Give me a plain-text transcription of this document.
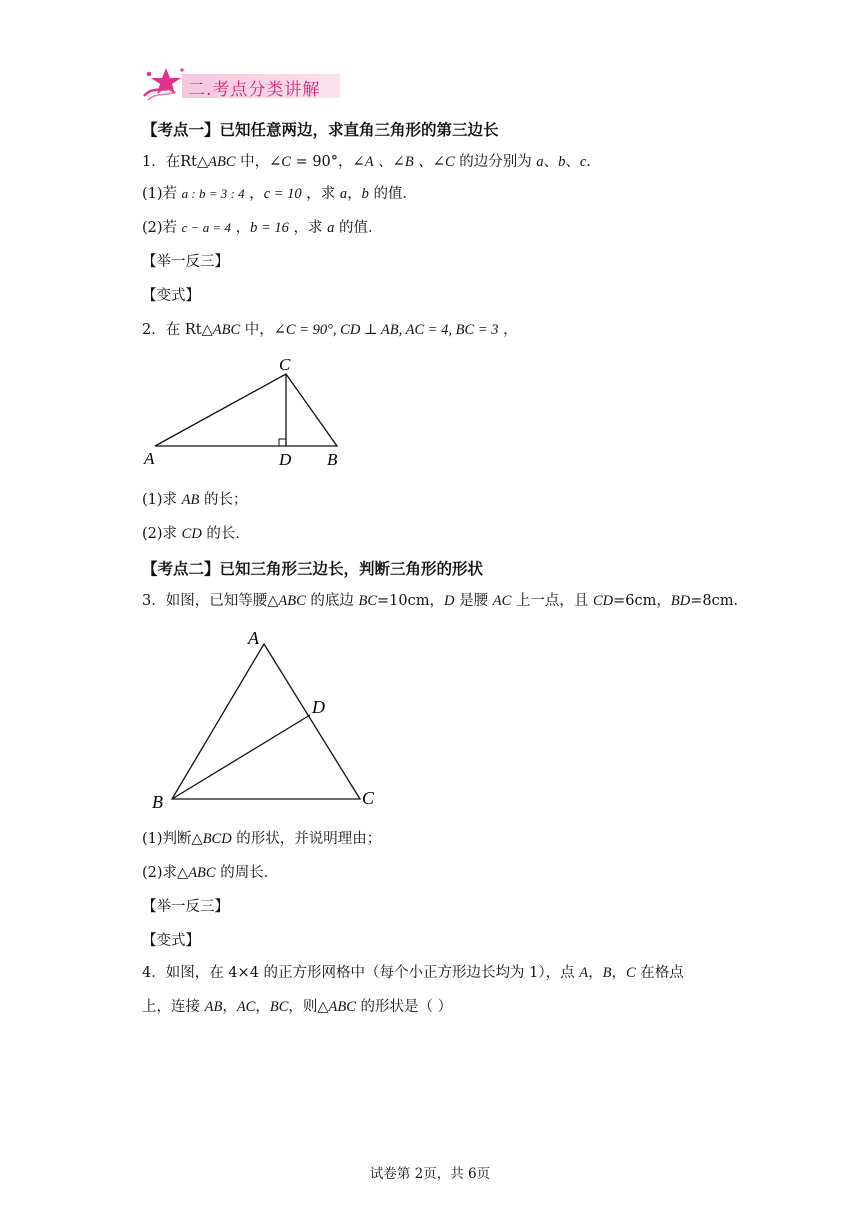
二.考点分类讲解
【考点一】已知任意两边，求直角三角形的第三边长
1．在Rt△ABC 中，∠C = 90°，∠A 、∠B 、∠C 的边分别为 a、b、c．
(1)若 a : b = 3 : 4 ，c = 10 ，求 a，b 的值．
(2)若 c − a = 4 ，b = 16 ，求 a 的值．
【举一反三】
【变式】
2．在 Rt△ABC 中，∠C = 90°, CD ⊥ AB, AC = 4, BC = 3 ，
A
C
D B
(1)求 AB 的长；
(2)求 CD 的长．
【考点二】已知三角形三边长，判断三角形的形状
3．如图，已知等腰△ABC 的底边 BC=10cm，D 是腰 AC 上一点，且 CD=6cm，BD=8cm．
A
D
B	C
(1)判断△BCD 的形状，并说明理由；
(2)求△ABC 的周长．
【举一反三】
【变式】
4．如图，在 4×4 的正方形网格中（每个小正方形边长均为 1），点 A，B，C 在格点
上，连接 AB，AC，BC，则△ABC 的形状是（ ）
试卷第 2页，共 6页
